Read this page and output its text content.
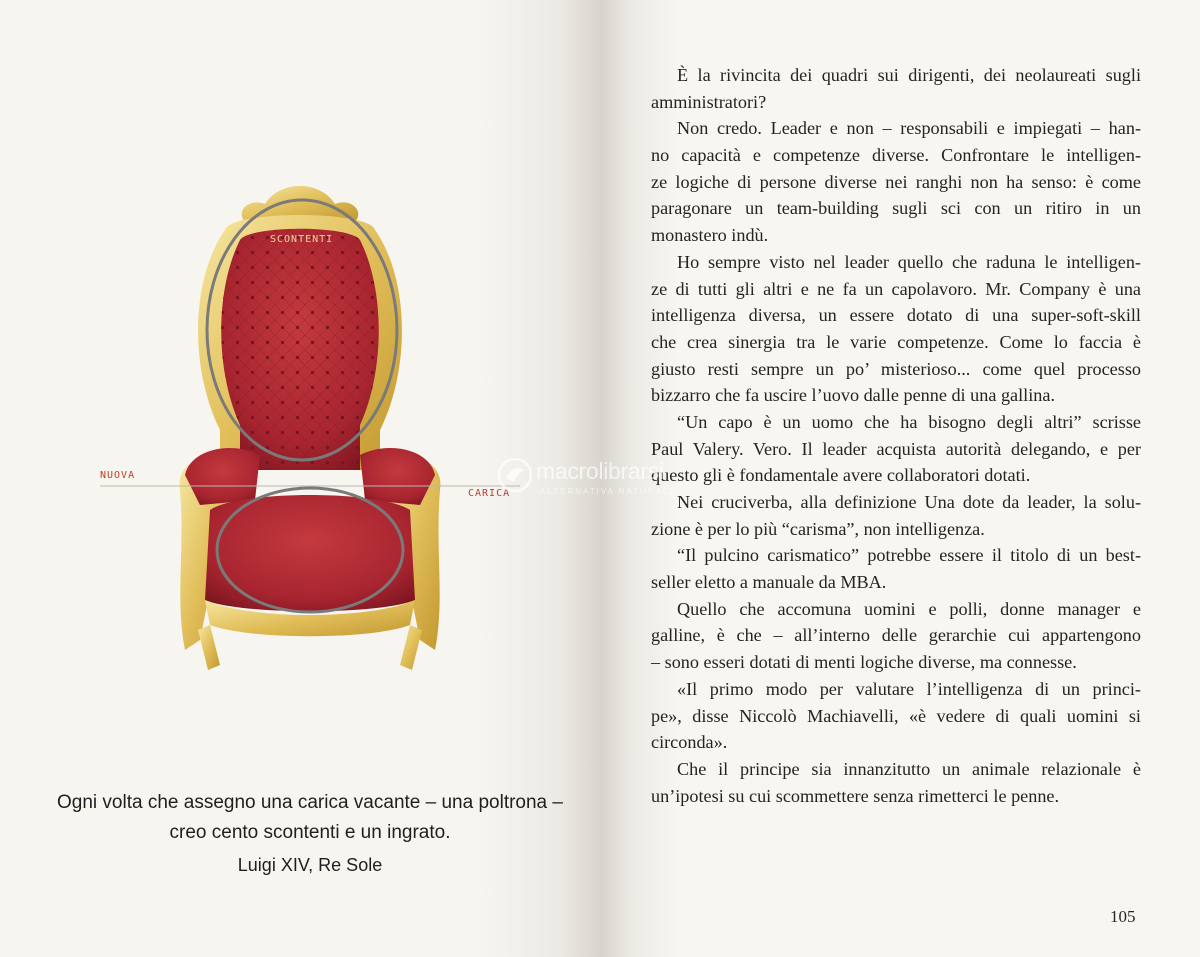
SCONTENTI
NUOVA
CARICA
Ogni volta che assegno una carica vacante – una poltrona –
creo cento scontenti e un ingrato.
Luigi XIV, Re Sole
È la rivincita dei quadri sui dirigenti, dei neolaureati sugli
amministratori?
Non credo. Leader e non – responsabili e impiegati – han-
no capacità e competenze diverse. Confrontare le intelligen-
ze logiche di persone diverse nei ranghi non ha senso: è come
paragonare un team-building sugli sci con un ritiro in un
monastero indù.
Ho sempre visto nel leader quello che raduna le intelligen-
ze di tutti gli altri e ne fa un capolavoro. Mr. Company è una
intelligenza diversa, un essere dotato di una super-soft-skill
che crea sinergia tra le varie competenze. Come lo faccia è
giusto resti sempre un po’ misterioso... come quel processo
bizzarro che fa uscire l’uovo dalle penne di una gallina.
“Un capo è un uomo che ha bisogno degli altri” scrisse
Paul Valery. Vero. Il leader acquista autorità delegando, e per
questo gli è fondamentale avere collaboratori dotati.
Nei cruciverba, alla definizione Una dote da leader, la solu-
zione è per lo più “carisma”, non intelligenza.
“Il pulcino carismatico” potrebbe essere il titolo di un best-
seller eletto a manuale da MBA.
Quello che accomuna uomini e polli, donne manager e
galline, è che – all’interno delle gerarchie cui appartengono
– sono esseri dotati di menti logiche diverse, ma connesse.
«Il primo modo per valutare l’intelligenza di un princi-
pe», disse Niccolò Machiavelli, «è vedere di quali uomini si
circonda».
Che il principe sia innanzitutto un animale relazionale è
un’ipotesi su cui scommettere senza rimetterci le penne.
105
macrolibrarsi
ALTERNATIVA NATURALE
